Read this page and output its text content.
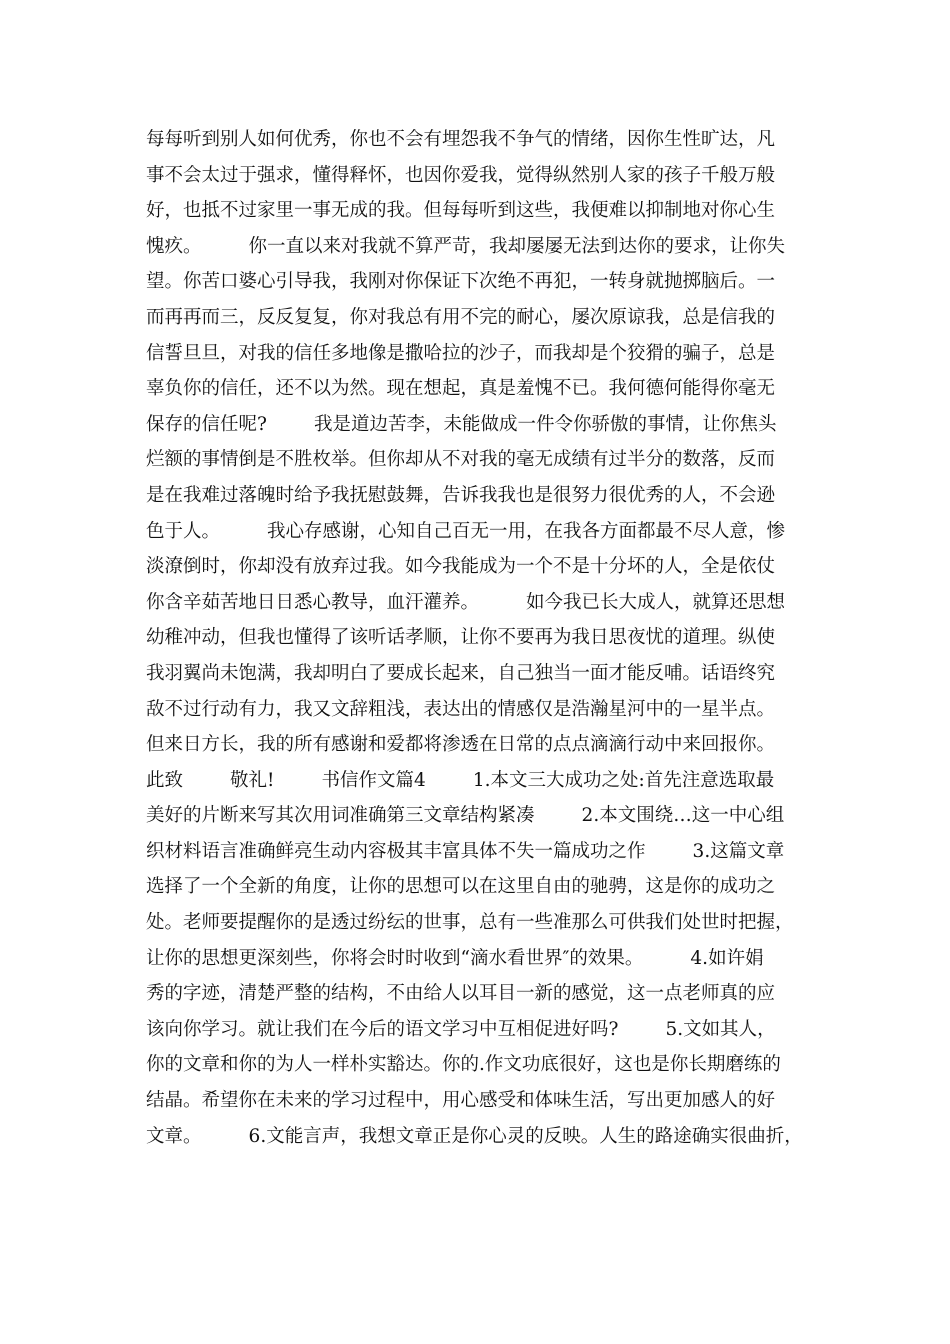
每每听到别人如何优秀，你也不会有埋怨我不争气的情绪，因你生性旷达，凡
事不会太过于强求，懂得释怀，也因你爱我，觉得纵然别人家的孩子千般万般
好，也抵不过家里一事无成的我。但每每听到这些，我便难以抑制地对你心生
愧疚。        你一直以来对我就不算严苛，我却屡屡无法到达你的要求，让你失
望。你苦口婆心引导我，我刚对你保证下次绝不再犯，一转身就抛掷脑后。一
而再再而三，反反复复，你对我总有用不完的耐心，屡次原谅我，总是信我的
信誓旦旦，对我的信任多地像是撒哈拉的沙子，而我却是个狡猾的骗子，总是
辜负你的信任，还不以为然。现在想起，真是羞愧不已。我何德何能得你毫无
保存的信任呢?        我是道边苦李，未能做成一件令你骄傲的事情，让你焦头
烂额的事情倒是不胜枚举。但你却从不对我的毫无成绩有过半分的数落，反而
是在我难过落魄时给予我抚慰鼓舞，告诉我我也是很努力很优秀的人，不会逊
色于人。        我心存感谢，心知自己百无一用，在我各方面都最不尽人意，惨
淡潦倒时，你却没有放弃过我。如今我能成为一个不是十分坏的人，全是依仗
你含辛茹苦地日日悉心教导，血汗灌养。        如今我已长大成人，就算还思想
幼稚冲动，但我也懂得了该听话孝顺，让你不要再为我日思夜忧的道理。纵使
我羽翼尚未饱满，我却明白了要成长起来，自己独当一面才能反哺。话语终究
敌不过行动有力，我又文辞粗浅，表达出的情感仅是浩瀚星河中的一星半点。
但来日方长，我的所有感谢和爱都将渗透在日常的点点滴滴行动中来回报你。
此致        敬礼!        书信作文篇4        1.本文三大成功之处:首先注意选取最
美好的片断来写其次用词准确第三文章结构紧凑        2.本文围绕…这一中心组
织材料语言准确鲜亮生动内容极其丰富具体不失一篇成功之作        3.这篇文章
选择了一个全新的角度，让你的思想可以在这里自由的驰骋，这是你的成功之
处。老师要提醒你的是透过纷纭的世事，总有一些准那么可供我们处世时把握，
让你的思想更深刻些，你将会时时收到“滴水看世界″的效果。        4.如许娟
秀的字迹，清楚严整的结构，不由给人以耳目一新的感觉，这一点老师真的应
该向你学习。就让我们在今后的语文学习中互相促进好吗?        5.文如其人，
你的文章和你的为人一样朴实豁达。你的.作文功底很好，这也是你长期磨练的
结晶。希望你在未来的学习过程中，用心感受和体味生活，写出更加感人的好
文章。        6.文能言声，我想文章正是你心灵的反映。人生的路途确实很曲折，
